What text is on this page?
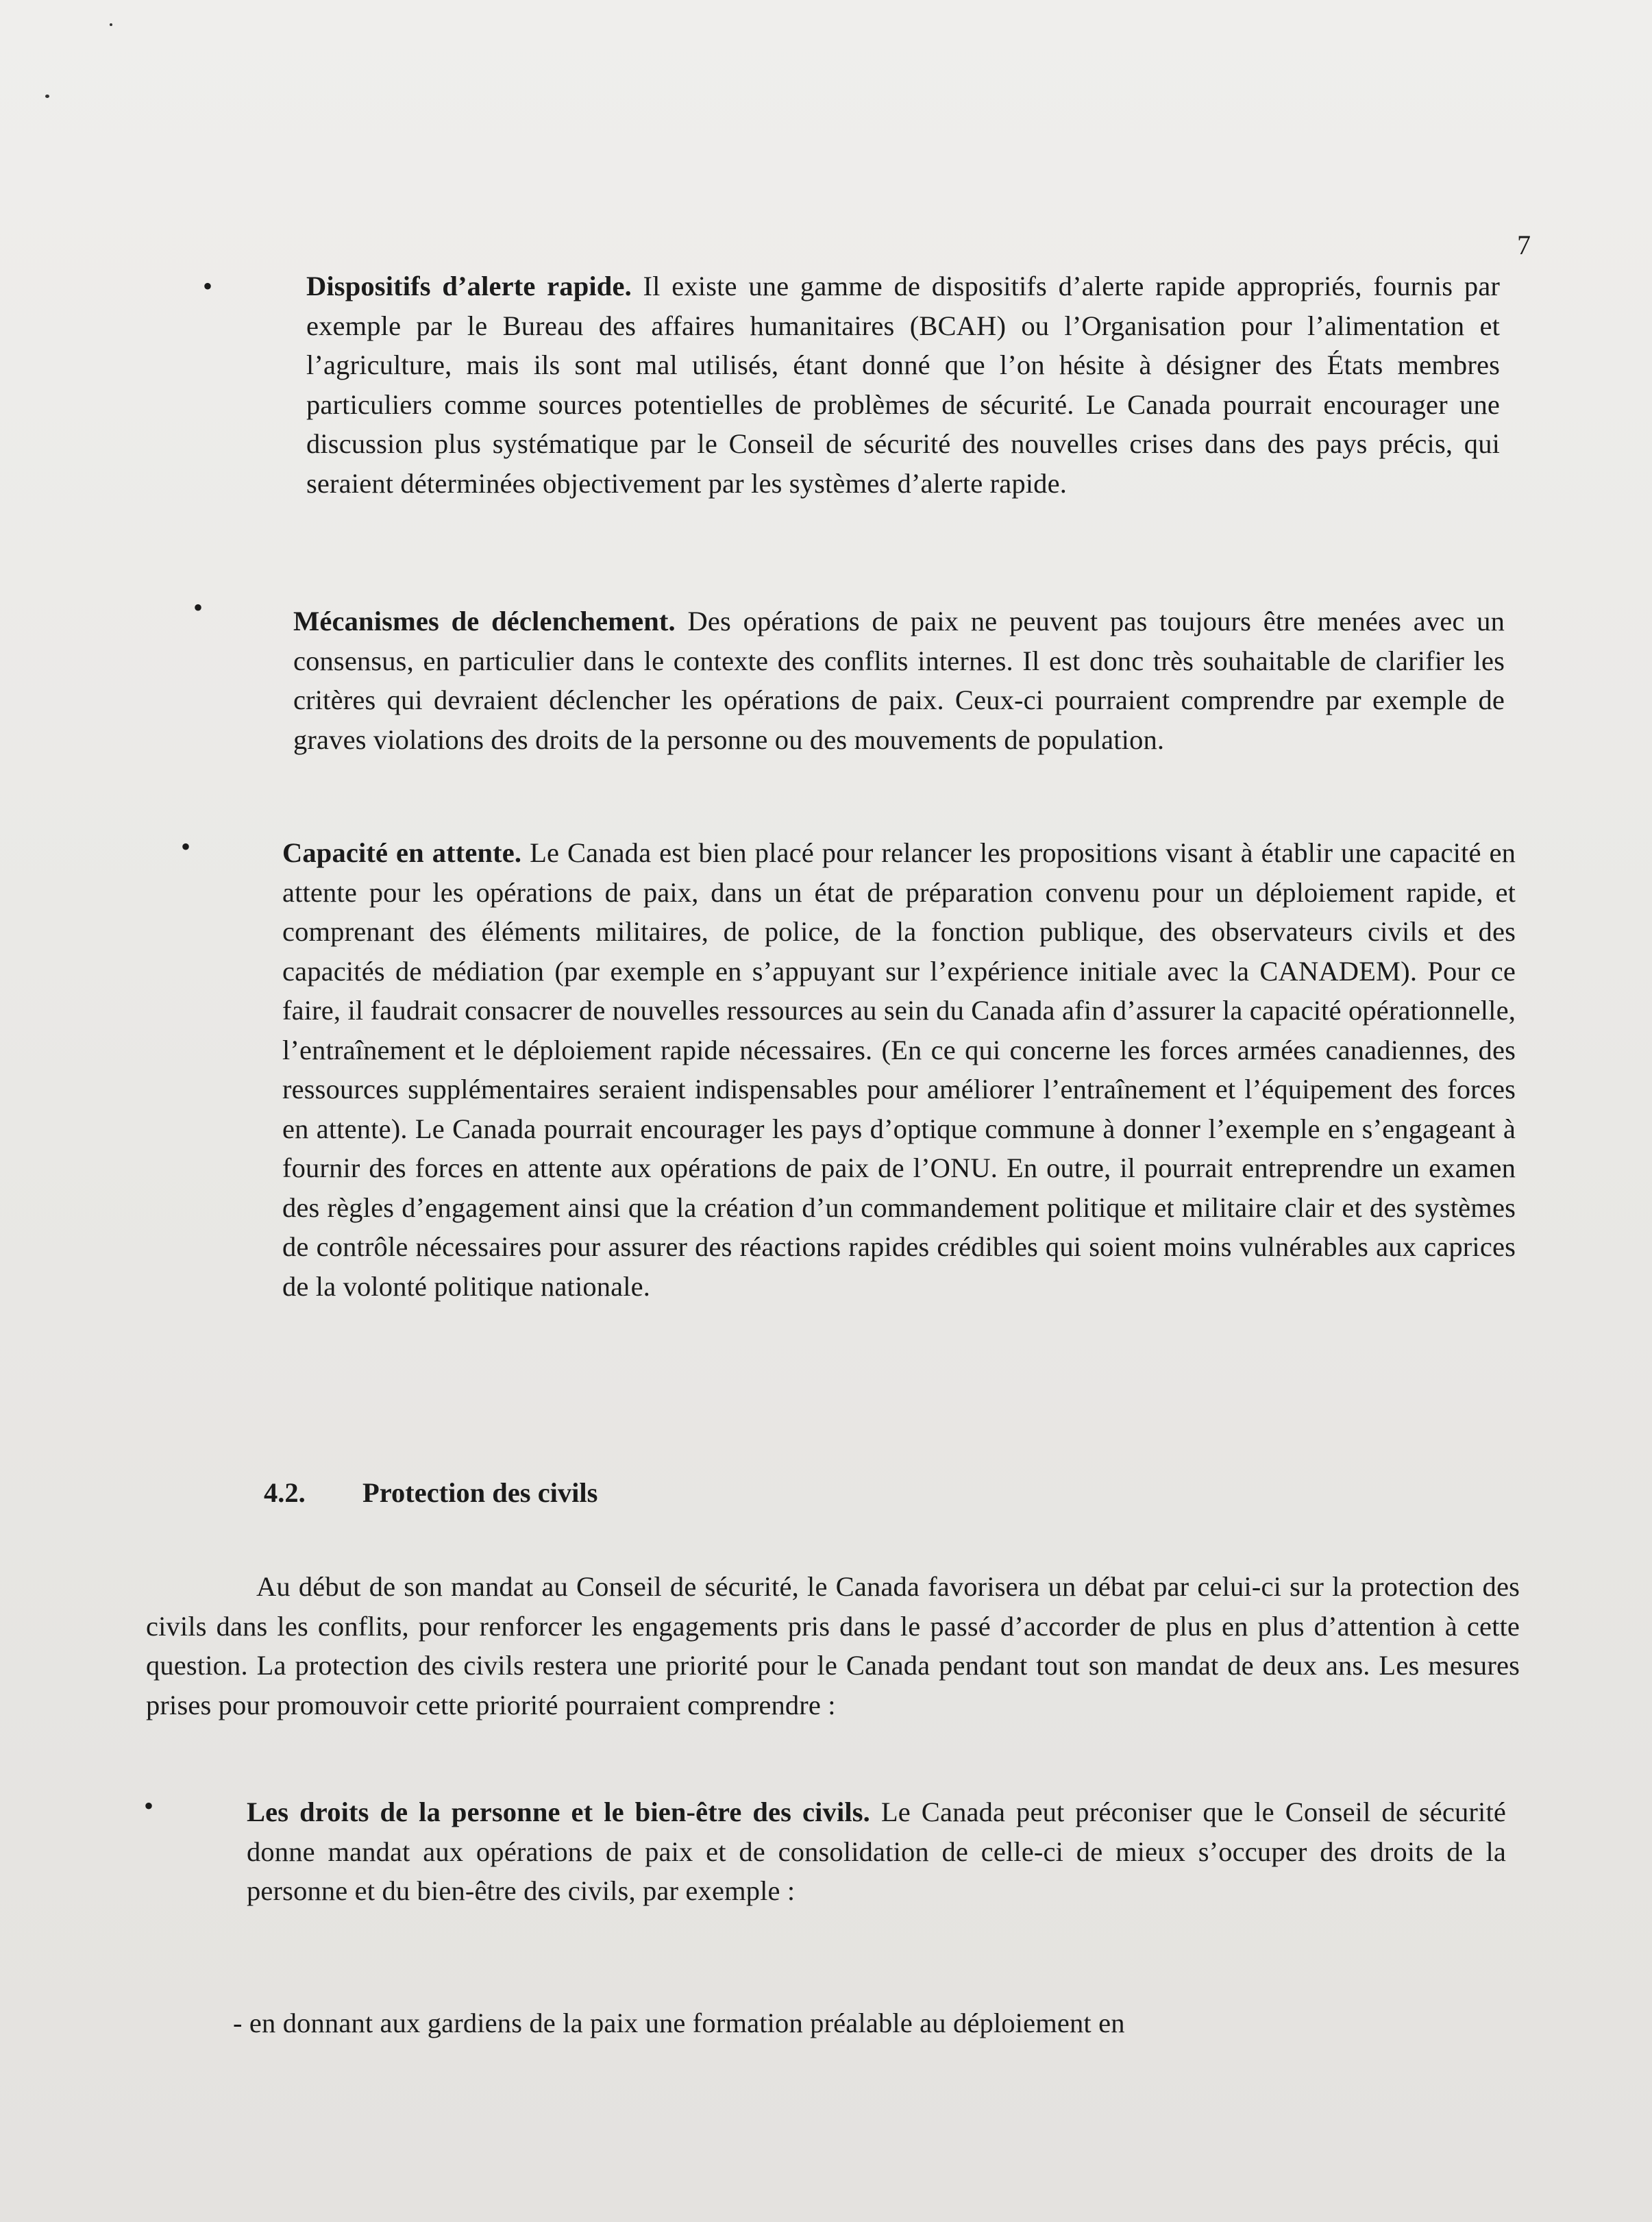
7
•	Dispositifs d’alerte rapide. Il existe une gamme de dispositifs d’alerte rapide appropriés, fournis par exemple par le Bureau des affaires humanitaires (BCAH) ou l’Organisation pour l’alimentation et l’agriculture, mais ils sont mal utilisés, étant donné que l’on hésite à désigner des États membres particuliers comme sources potentielles de problèmes de sécurité. Le Canada pourrait encourager une discussion plus systématique par le Conseil de sécurité des nouvelles crises dans des pays précis, qui seraient déterminées objectivement par les systèmes d’alerte rapide.

•	Mécanismes de déclenchement. Des opérations de paix ne peuvent pas toujours être menées avec un consensus, en particulier dans le contexte des conflits internes. Il est donc très souhaitable de clarifier les critères qui devraient déclencher les opérations de paix. Ceux-ci pourraient comprendre par exemple de graves violations des droits de la personne ou des mouvements de population.

•	Capacité en attente. Le Canada est bien placé pour relancer les propositions visant à établir une capacité en attente pour les opérations de paix, dans un état de préparation convenu pour un déploiement rapide, et comprenant des éléments militaires, de police, de la fonction publique, des observateurs civils et des capacités de médiation (par exemple en s’appuyant sur l’expérience initiale avec la CANADEM). Pour ce faire, il faudrait consacrer de nouvelles ressources au sein du Canada afin d’assurer la capacité opérationnelle, l’entraînement et le déploiement rapide nécessaires. (En ce qui concerne les forces armées canadiennes, des ressources supplémentaires seraient indispensables pour améliorer l’entraînement et l’équipement des forces en attente). Le Canada pourrait encourager les pays d’optique commune à donner l’exemple en s’engageant à fournir des forces en attente aux opérations de paix de l’ONU. En outre, il pourrait entreprendre un examen des règles d’engagement ainsi que la création d’un commandement politique et militaire clair et des systèmes de contrôle nécessaires pour assurer des réactions rapides crédibles qui soient moins vulnérables aux caprices de la volonté politique nationale.

4.2. Protection des civils

Au début de son mandat au Conseil de sécurité, le Canada favorisera un débat par celui-ci sur la protection des civils dans les conflits, pour renforcer les engagements pris dans le passé d’accorder de plus en plus d’attention à cette question. La protection des civils restera une priorité pour le Canada pendant tout son mandat de deux ans. Les mesures prises pour promouvoir cette priorité pourraient comprendre :

•	Les droits de la personne et le bien-être des civils. Le Canada peut préconiser que le Conseil de sécurité donne mandat aux opérations de paix et de consolidation de celle-ci de mieux s’occuper des droits de la personne et du bien-être des civils, par exemple :

- en donnant aux gardiens de la paix une formation préalable au déploiement en
